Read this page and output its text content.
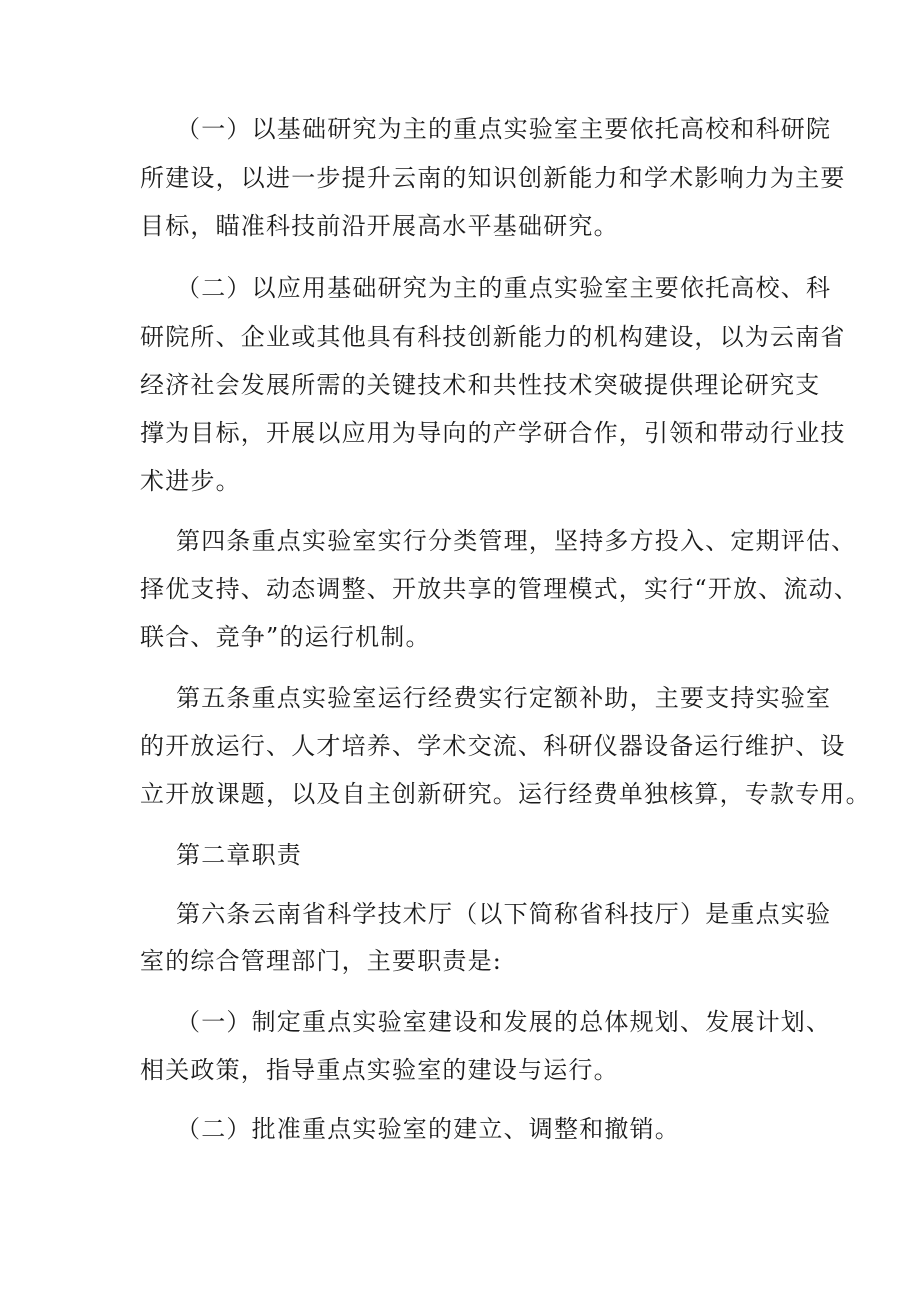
（一）以基础研究为主的重点实验室主要依托高校和科研院
所建设，以进一步提升云南的知识创新能力和学术影响力为主要
目标，瞄准科技前沿开展高水平基础研究。
（二）以应用基础研究为主的重点实验室主要依托高校、科
研院所、企业或其他具有科技创新能力的机构建设，以为云南省
经济社会发展所需的关键技术和共性技术突破提供理论研究支
撑为目标，开展以应用为导向的产学研合作，引领和带动行业技
术进步。
第四条重点实验室实行分类管理，坚持多方投入、定期评估、
择优支持、动态调整、开放共享的管理模式，实行“开放、流动、
联合、竞争”的运行机制。
第五条重点实验室运行经费实行定额补助，主要支持实验室
的开放运行、人才培养、学术交流、科研仪器设备运行维护、设
立开放课题，以及自主创新研究。运行经费单独核算，专款专用。
第二章职责
第六条云南省科学技术厅（以下简称省科技厅）是重点实验
室的综合管理部门，主要职责是:
（一）制定重点实验室建设和发展的总体规划、发展计划、
相关政策，指导重点实验室的建设与运行。
（二）批准重点实验室的建立、调整和撤销。
